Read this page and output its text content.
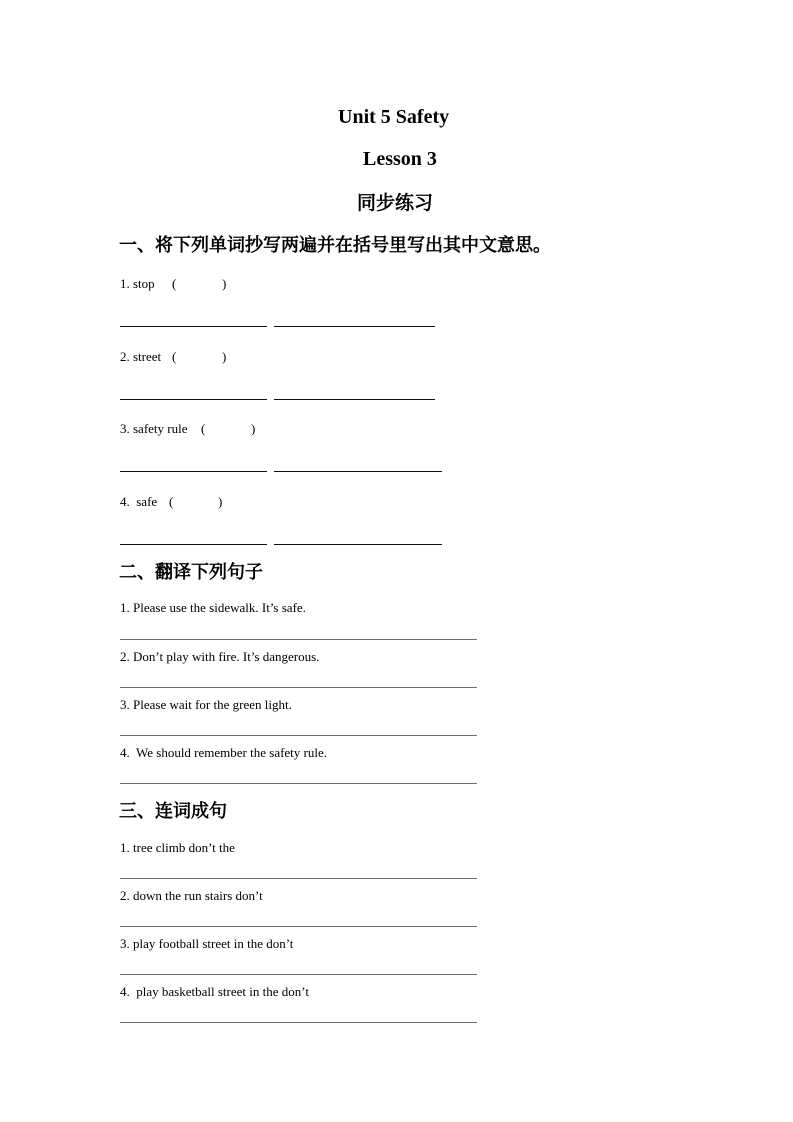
Unit 5 Safety
Lesson 3
同步练习
一、将下列单词抄写两遍并在括号里写出其中文意思。
1. stop (	)
2. street (	)
3. safety rule (	)
4.  safe (	)
二、翻译下列句子
1. Please use the sidewalk. It’s safe.
2. Don’t play with fire. It’s dangerous.
3. Please wait for the green light.
4.  We should remember the safety rule.
三、连词成句
1. tree climb don’t the
2. down the run stairs don’t
3. play football street in the don’t
4.  play basketball street in the don’t
